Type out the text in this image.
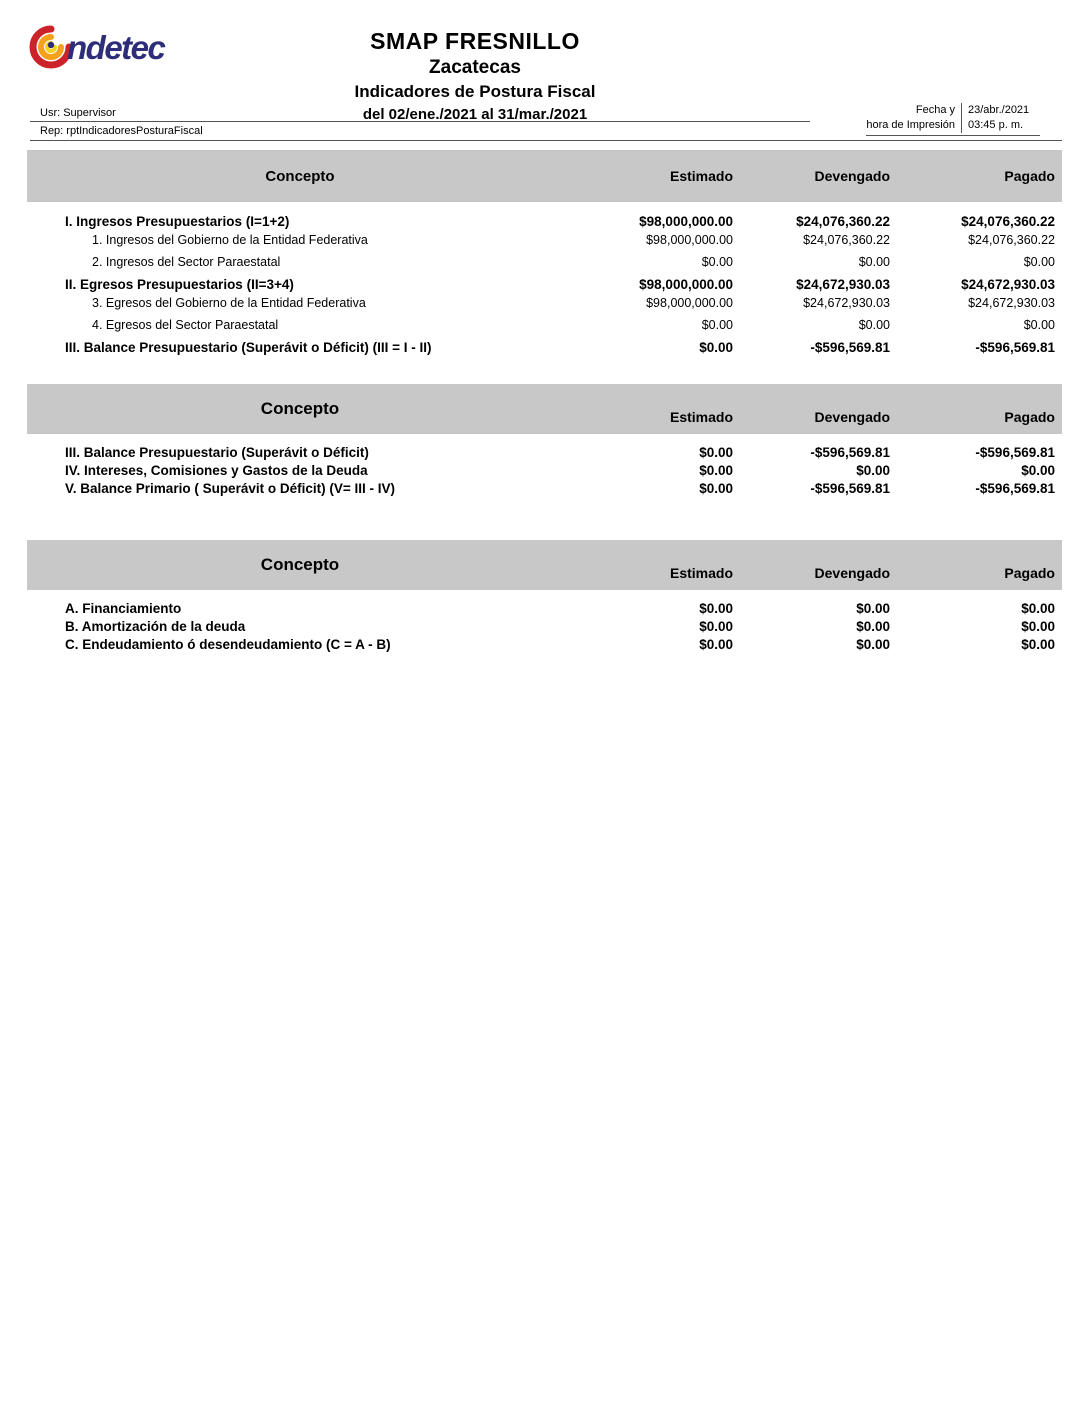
ndetec	SMAP FRESNILLO
Zacatecas
Indicadores de Postura Fiscal
del 02/ene./2021 al 31/mar./2021
Usr: Supervisor
Rep: rptIndicadoresPosturaFiscal
Fecha y
hora de Impresión
23/abr./2021
03:45 p. m.
Concepto	Estimado	Devengado	Pagado
I. Ingresos Presupuestarios (I=1+2)	$98,000,000.00	$24,076,360.22	$24,076,360.22
1. Ingresos del Gobierno de la Entidad Federativa	$98,000,000.00	$24,076,360.22	$24,076,360.22
2. Ingresos del Sector Paraestatal	$0.00	$0.00	$0.00
II. Egresos Presupuestarios (II=3+4)	$98,000,000.00	$24,672,930.03	$24,672,930.03
3. Egresos del Gobierno de la Entidad Federativa	$98,000,000.00	$24,672,930.03	$24,672,930.03
4. Egresos del Sector Paraestatal	$0.00	$0.00	$0.00
III. Balance Presupuestario (Superávit o Déficit) (III = I - II)	$0.00	-$596,569.81	-$596,569.81
Concepto	Estimado	Devengado	Pagado
III. Balance Presupuestario (Superávit o Déficit)	$0.00	-$596,569.81	-$596,569.81
IV. Intereses, Comisiones y Gastos de la Deuda	$0.00	$0.00	$0.00
V. Balance Primario ( Superávit o Déficit) (V= III - IV)	$0.00	-$596,569.81	-$596,569.81
Concepto	Estimado	Devengado	Pagado
A. Financiamiento	$0.00	$0.00	$0.00
B. Amortización de la deuda	$0.00	$0.00	$0.00
C. Endeudamiento ó desendeudamiento (C = A - B)	$0.00	$0.00	$0.00
